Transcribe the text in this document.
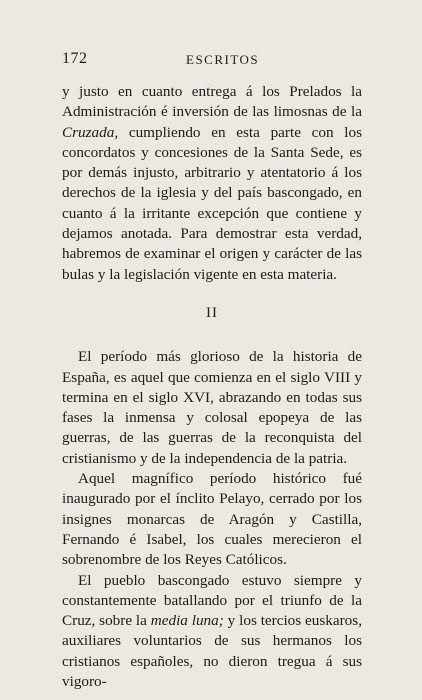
172	ESCRITOS

y justo en cuanto entrega á los Prelados la Administración é inversión de las limosnas de la Cruzada, cumpliendo en esta parte con los concordatos y concesiones de la Santa Sede, es por demás injusto, arbitrario y atentatorio á los derechos de la iglesia y del país bascongado, en cuanto á la irritante excepción que contiene y dejamos anotada. Para demostrar esta verdad, habremos de examinar el origen y carácter de las bulas y la legislación vigente en esta materia.

II

El período más glorioso de la historia de España, es aquel que comienza en el siglo VIII y termina en el siglo XVI, abrazando en todas sus fases la inmensa y colosal epopeya de las guerras, de las guerras de la reconquista del cristianismo y de la independencia de la patria.

Aquel magnífico período histórico fué inaugurado por el ínclito Pelayo, cerrado por los insignes monarcas de Aragón y Castilla, Fernando é Isabel, los cuales merecieron el sobrenombre de los Reyes Católicos.

El pueblo bascongado estuvo siempre y constantemente batallando por el triunfo de la Cruz, sobre la media luna; y los tercios euskaros, auxiliares voluntarios de sus hermanos los cristianos españoles, no dieron tregua á sus vigoro-
